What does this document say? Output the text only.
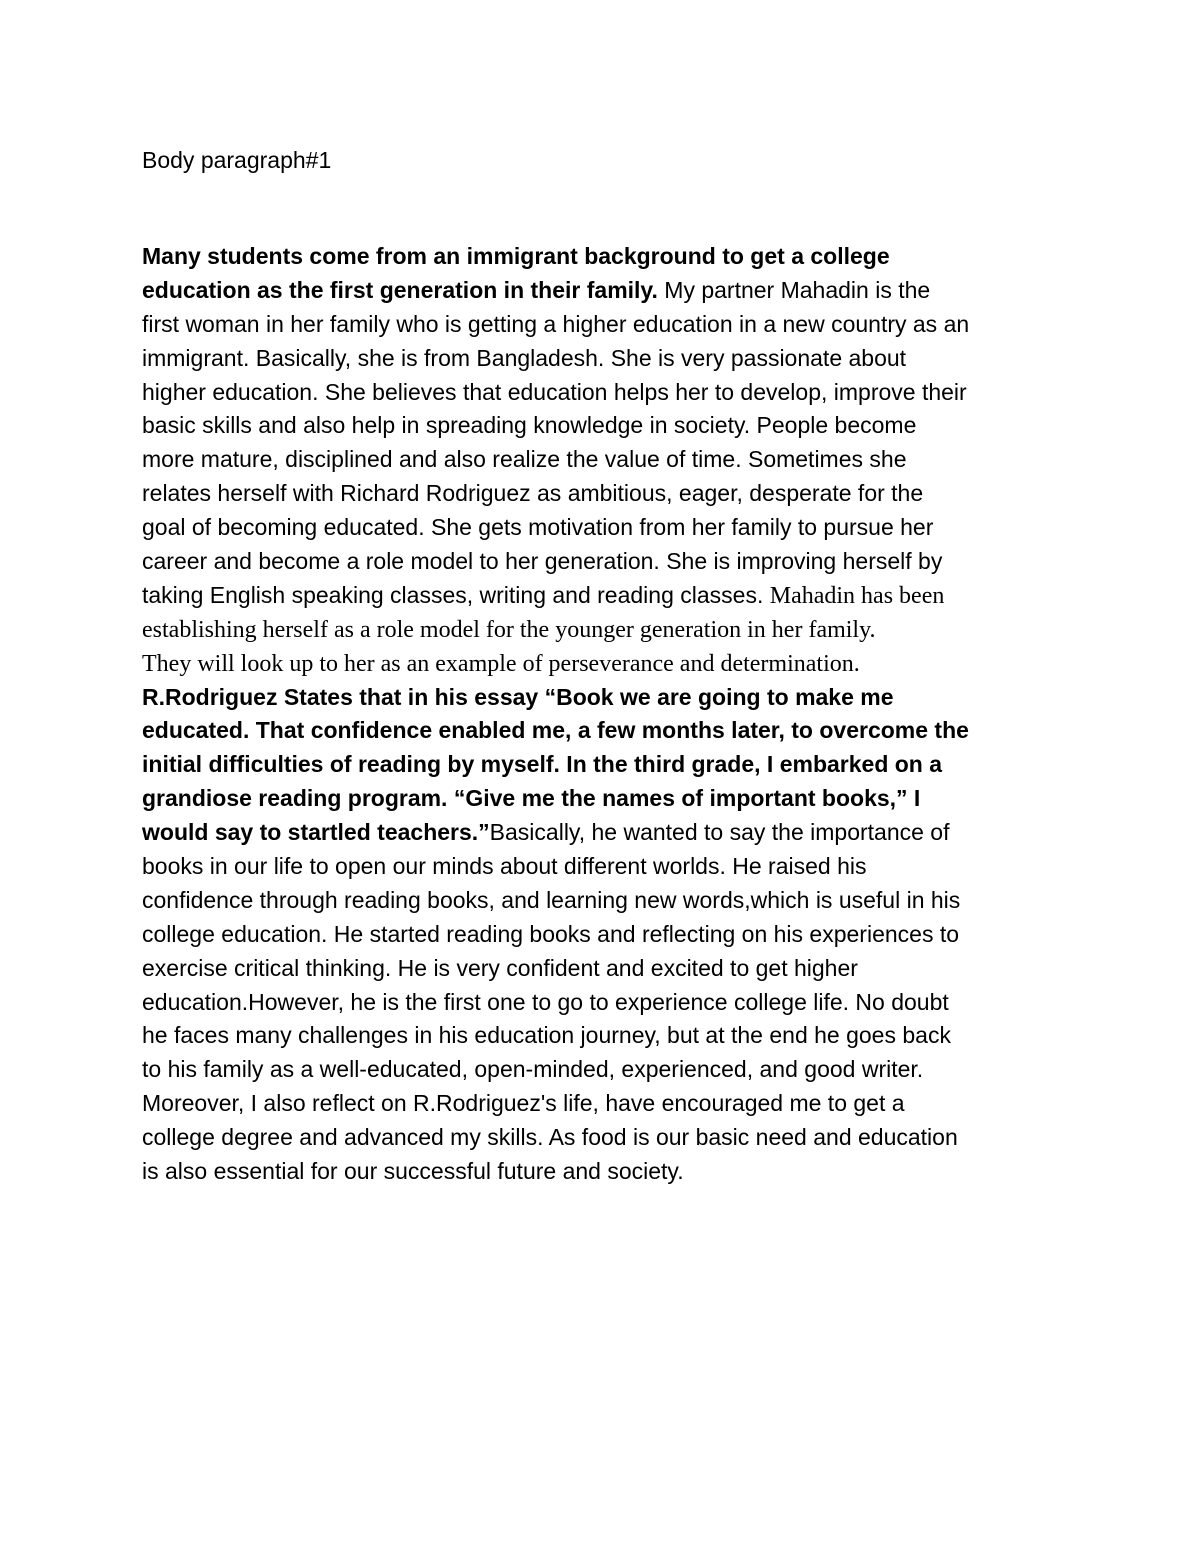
Body paragraph#1
Many students come from an immigrant background to get a college
education as the first generation in their family. My partner Mahadin is the
first woman in her family who is getting a higher education in a new country as an
immigrant. Basically, she is from Bangladesh. She is very passionate about
higher education. She believes that education helps her to develop, improve their
basic skills and also help in spreading knowledge in society. People become
more mature, disciplined and also realize the value of time. Sometimes she
relates herself with Richard Rodriguez as ambitious, eager, desperate for the
goal of becoming educated. She gets motivation from her family to pursue her
career and become a role model to her generation. She is improving herself by
taking English speaking classes, writing and reading classes. Mahadin has been
establishing herself as a role model for the younger generation in her family.
They will look up to her as an example of perseverance and determination.
R.Rodriguez States that in his essay “Book we are going to make me
educated. That confidence enabled me, a few months later, to overcome the
initial difficulties of reading by myself. In the third grade, I embarked on a
grandiose reading program. “Give me the names of important books,” I
would say to startled teachers.”Basically, he wanted to say the importance of
books in our life to open our minds about different worlds. He raised his
confidence through reading books, and learning new words,which is useful in his
college education. He started reading books and reflecting on his experiences to
exercise critical thinking. He is very confident and excited to get higher
education.However, he is the first one to go to experience college life. No doubt
he faces many challenges in his education journey, but at the end he goes back
to his family as a well-educated, open-minded, experienced, and good writer.
Moreover, I also reflect on R.Rodriguez's life, have encouraged me to get a
college degree and advanced my skills. As food is our basic need and education
is also essential for our successful future and society.
